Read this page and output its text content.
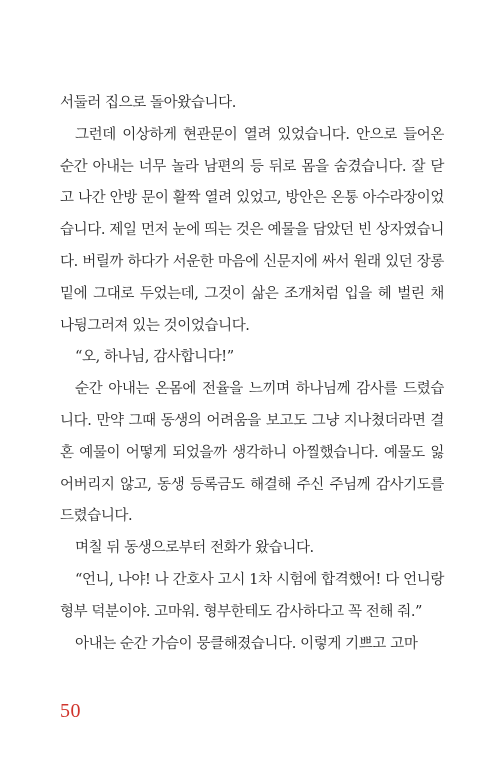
서둘러 집으로 돌아왔습니다.

그런데 이상하게 현관문이 열려 있었습니다. 안으로 들어온 순간 아내는 너무 놀라 남편의 등 뒤로 몸을 숨겼습니다. 잘 닫고 나간 안방 문이 활짝 열려 있었고, 방안은 온통 아수라장이었습니다. 제일 먼저 눈에 띄는 것은 예물을 담았던 빈 상자였습니다. 버릴까 하다가 서운한 마음에 신문지에 싸서 원래 있던 장롱 밑에 그대로 두었는데, 그것이 삶은 조개처럼 입을 헤 벌린 채 나뒹그러져 있는 것이었습니다.

“오, 하나님, 감사합니다!”

순간 아내는 온몸에 전율을 느끼며 하나님께 감사를 드렸습니다. 만약 그때 동생의 어려움을 보고도 그냥 지나쳤더라면 결혼 예물이 어떻게 되었을까 생각하니 아찔했습니다. 예물도 잃어버리지 않고, 동생 등록금도 해결해 주신 주님께 감사기도를 드렸습니다.

며칠 뒤 동생으로부터 전화가 왔습니다.

“언니, 나야! 나 간호사 고시 1차 시험에 합격했어! 다 언니랑 형부 덕분이야. 고마워. 형부한테도 감사하다고 꼭 전해 줘.”

아내는 순간 가슴이 뭉클해졌습니다. 이렇게 기쁘고 고마

50
